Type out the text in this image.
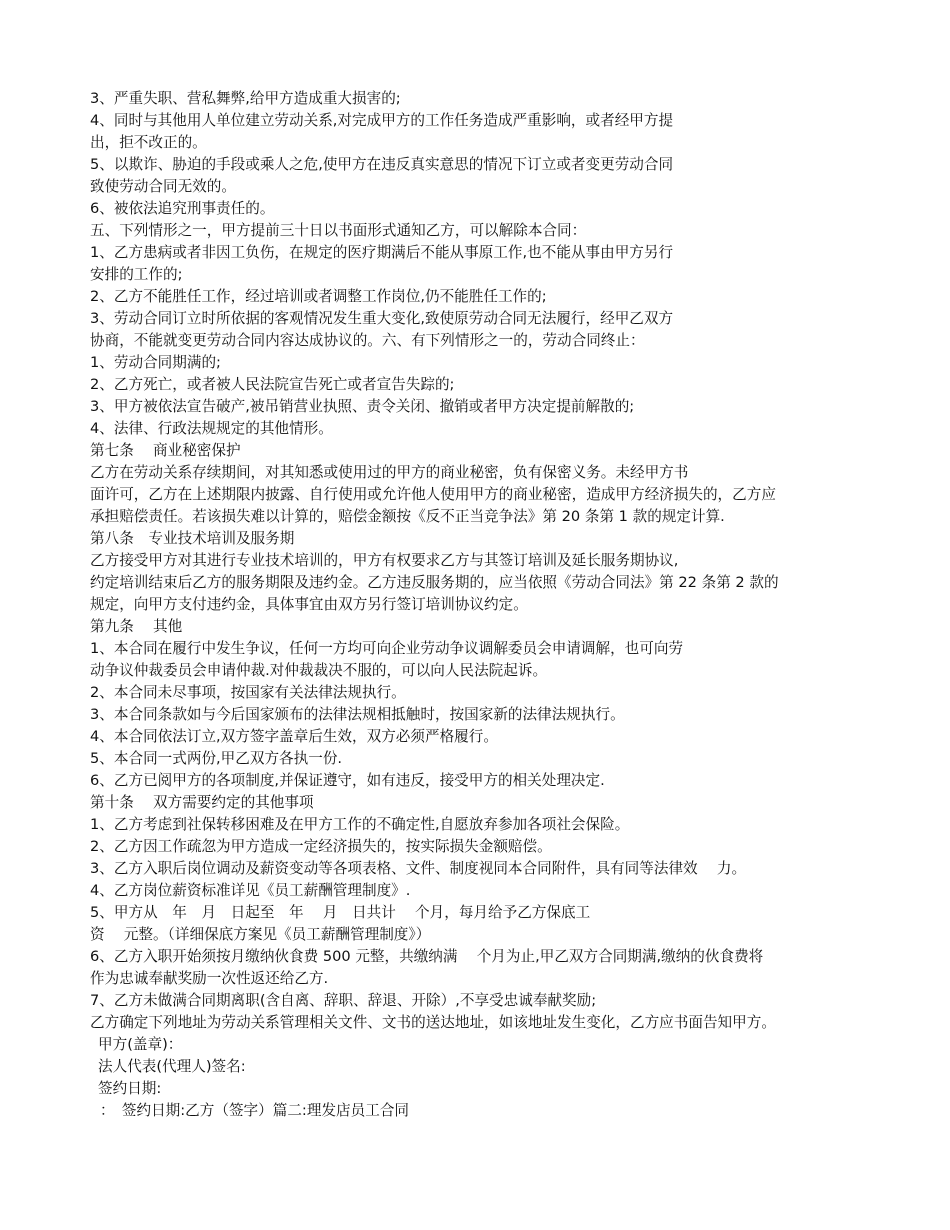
3、严重失职、营私舞弊,给甲方造成重大损害的;
4、同时与其他用人单位建立劳动关系,对完成甲方的工作任务造成严重影响，或者经甲方提
出，拒不改正的。
5、以欺诈、胁迫的手段或乘人之危,使甲方在违反真实意思的情况下订立或者变更劳动合同
致使劳动合同无效的。
6、被依法追究刑事责任的。
五、下列情形之一，甲方提前三十日以书面形式通知乙方，可以解除本合同：
1、乙方患病或者非因工负伤，在规定的医疗期满后不能从事原工作,也不能从事由甲方另行
安排的工作的;
2、乙方不能胜任工作，经过培训或者调整工作岗位,仍不能胜任工作的;
3、劳动合同订立时所依据的客观情况发生重大变化,致使原劳动合同无法履行，经甲乙双方
协商，不能就变更劳动合同内容达成协议的。六、有下列情形之一的，劳动合同终止：
1、劳动合同期满的;
2、乙方死亡，或者被人民法院宣告死亡或者宣告失踪的;
3、甲方被依法宣告破产,被吊销营业执照、责令关闭、撤销或者甲方决定提前解散的;
4、法律、行政法规规定的其他情形。
第七条　 商业秘密保护
乙方在劳动关系存续期间，对其知悉或使用过的甲方的商业秘密，负有保密义务。未经甲方书
面许可，乙方在上述期限内披露、自行使用或允许他人使用甲方的商业秘密，造成甲方经济损失的，乙方应
承担赔偿责任。若该损失难以计算的，赔偿金额按《反不正当竞争法》第 20 条第 1 款的规定计算.
第八条　专业技术培训及服务期
乙方接受甲方对其进行专业技术培训的，甲方有权要求乙方与其签订培训及延长服务期协议,
约定培训结束后乙方的服务期限及违约金。乙方违反服务期的，应当依照《劳动合同法》第 22 条第 2 款的
规定，向甲方支付违约金，具体事宜由双方另行签订培训协议约定。
第九条　 其他
1、本合同在履行中发生争议，任何一方均可向企业劳动争议调解委员会申请调解，也可向劳
动争议仲裁委员会申请仲裁.对仲裁裁决不服的，可以向人民法院起诉。
2、本合同未尽事项，按国家有关法律法规执行。
3、本合同条款如与今后国家颁布的法律法规相抵触时，按国家新的法律法规执行。
4、本合同依法订立,双方签字盖章后生效，双方必须严格履行。
5、本合同一式两份,甲乙双方各执一份.
6、乙方已阅甲方的各项制度,并保证遵守，如有违反，接受甲方的相关处理决定.
第十条　 双方需要约定的其他事项
1、乙方考虑到社保转移困难及在甲方工作的不确定性,自愿放弃参加各项社会保险。
2、乙方因工作疏忽为甲方造成一定经济损失的，按实际损失金额赔偿。
3、乙方入职后岗位调动及薪资变动等各项表格、文件、制度视同本合同附件，具有同等法律效　 力。
4、乙方岗位薪资标准详见《员工薪酬管理制度》.
5、甲方从　年　月　日起至　年　 月　日共计　 个月，每月给予乙方保底工
资　 元整。（详细保底方案见《员工薪酬管理制度》）
6、乙方入职开始须按月缴纳伙食费 500 元整，共缴纳满　 个月为止,甲乙双方合同期满,缴纳的伙食费将
作为忠诚奉献奖励一次性返还给乙方.
7、乙方未做满合同期离职(含自离、辞职、辞退、开除）,不享受忠诚奉献奖励;
乙方确定下列地址为劳动关系管理相关文件、文书的送达地址，如该地址发生变化，乙方应书面告知甲方。
甲方(盖章)：
法人代表(代理人)签名:
签约日期:
：　签约日期:乙方（签字）篇二:理发店员工合同
